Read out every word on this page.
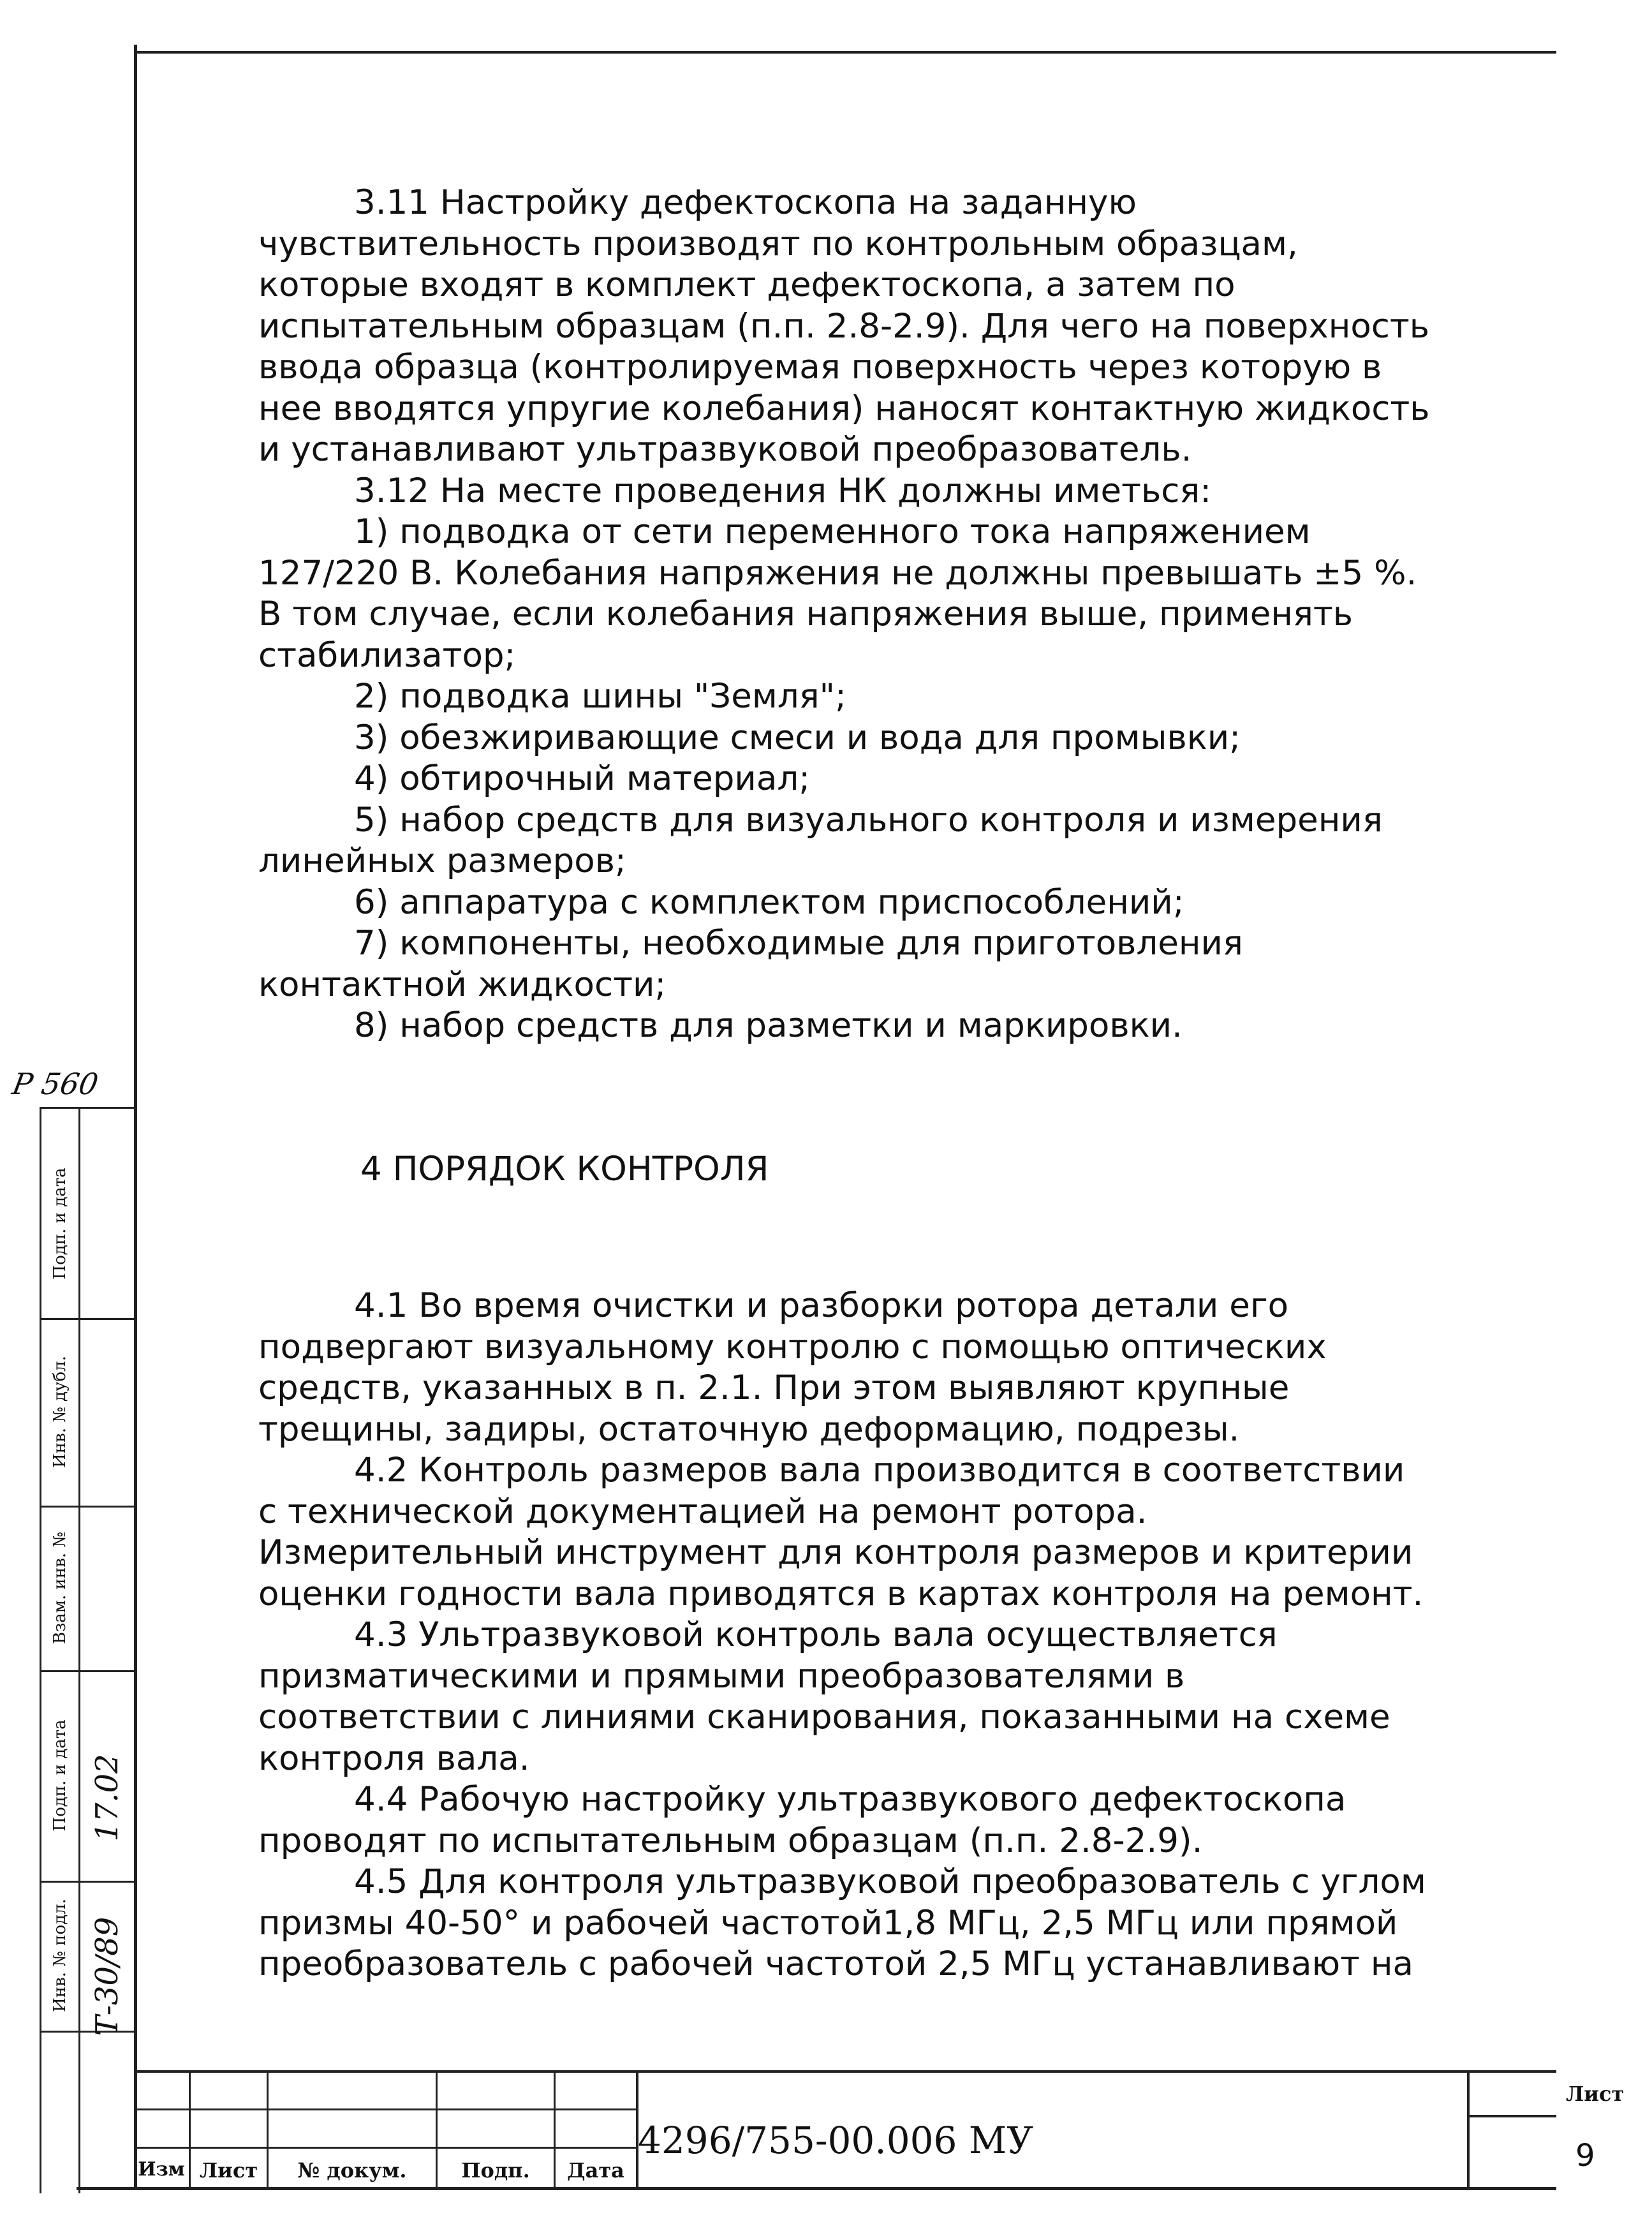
3.11 Настройку дефектоскопа на заданную чувствительность производят по контрольным образцам, которые входят в комплект дефектоскопа, а затем по испытательным образцам (п.п. 2.8-2.9). Для чего на поверхность ввода образца (контролируемая поверхность через которую в нее вводятся упругие колебания) наносят контактную жидкость и устанавливают ультразвуковой преобразователь.

3.12 На месте проведения НК должны иметься:

1) подводка от сети переменного тока напряжением 127/220 В. Колебания напряжения не должны превышать ±5 %. В том случае, если колебания напряжения выше, применять стабилизатор;

2) подводка шины "Земля";

3) обезжиривающие смеси и вода для промывки;

4) обтирочный материал;

5) набор средств для визуального контроля и измерения линейных размеров;

6) аппаратура с комплектом приспособлений;

7) компоненты, необходимые для приготовления контактной жидкости;

8) набор средств для разметки и маркировки.

4 ПОРЯДОК КОНТРОЛЯ

4.1 Во время очистки и разборки ротора детали его подвергают визуальному контролю с помощью оптических средств, указанных в п. 2.1. При этом выявляют крупные трещины, задиры, остаточную деформацию, подрезы.

4.2 Контроль размеров вала производится в соответствии с технической документацией на ремонт ротора. Измерительный инструмент для контроля размеров и критерии оценки годности вала приводятся в картах контроля на ремонт.

4.3 Ультразвуковой контроль вала осуществляется призматическими и прямыми преобразователями в соответствии с линиями сканирования, показанными на схеме контроля вала.

4.4 Рабочую настройку ультразвукового дефектоскопа проводят по испытательным образцам (п.п. 2.8-2.9).

4.5 Для контроля ультразвуковой преобразователь с углом призмы 40-50° и рабочей частотой1,8 МГц, 2,5 МГц или прямой преобразователь с рабочей частотой 2,5 МГц устанавливают на

Р 560
Подп. и дата
Инв. № дубл.
Взам. инв. №
Подп. и дата
Инв. № подл.
17.02
Т-30/89
Изм Лист	№ докум.	Подп.	Дата
4296/755-00.006 МУ
Лист
9
